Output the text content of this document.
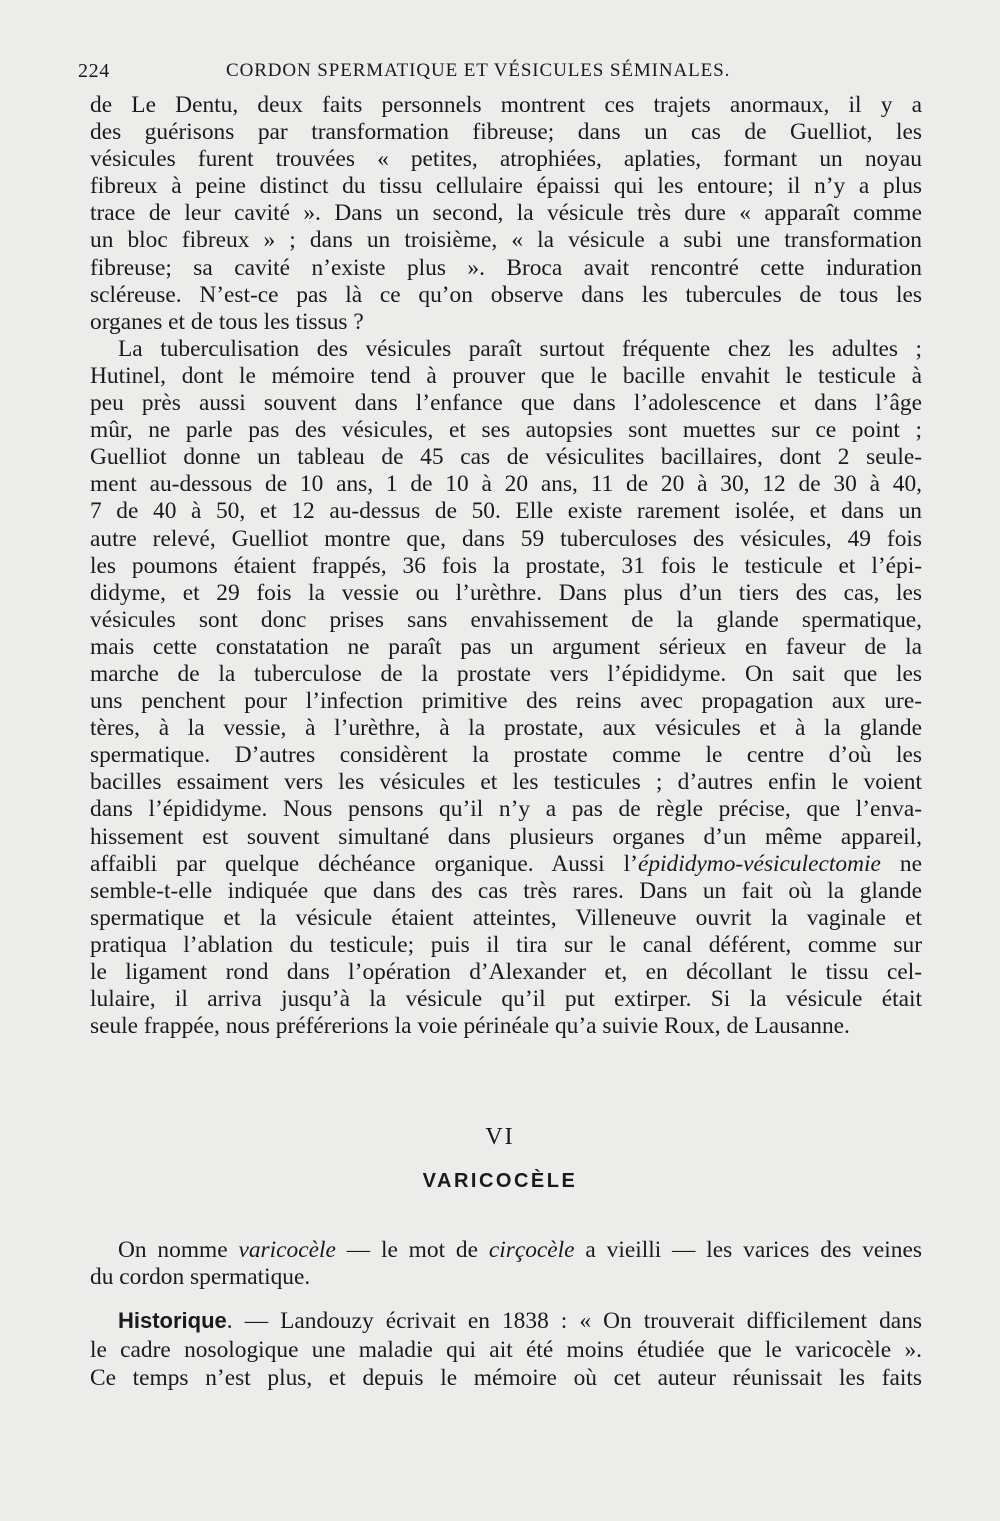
224	CORDON SPERMATIQUE ET VÉSICULES SÉMINALES.

de Le Dentu, deux faits personnels montrent ces trajets anormaux, il y a
des guérisons par transformation fibreuse; dans un cas de Guelliot, les
vésicules furent trouvées « petites, atrophiées, aplaties, formant un noyau
fibreux à peine distinct du tissu cellulaire épaissi qui les entoure; il n’y a plus
trace de leur cavité ». Dans un second, la vésicule très dure « apparaît comme
un bloc fibreux » ; dans un troisième, « la vésicule a subi une transformation
fibreuse; sa cavité n’existe plus ». Broca avait rencontré cette induration
scléreuse. N’est-ce pas là ce qu’on observe dans les tubercules de tous les
organes et de tous les tissus ?

La tuberculisation des vésicules paraît surtout fréquente chez les adultes ;
Hutinel, dont le mémoire tend à prouver que le bacille envahit le testicule à
peu près aussi souvent dans l’enfance que dans l’adolescence et dans l’âge
mûr, ne parle pas des vésicules, et ses autopsies sont muettes sur ce point ;
Guelliot donne un tableau de 45 cas de vésiculites bacillaires, dont 2 seule-
ment au-dessous de 10 ans, 1 de 10 à 20 ans, 11 de 20 à 30, 12 de 30 à 40,
7 de 40 à 50, et 12 au-dessus de 50. Elle existe rarement isolée, et dans un
autre relevé, Guelliot montre que, dans 59 tuberculoses des vésicules, 49 fois
les poumons étaient frappés, 36 fois la prostate, 31 fois le testicule et l’épi-
didyme, et 29 fois la vessie ou l’urèthre. Dans plus d’un tiers des cas, les
vésicules sont donc prises sans envahissement de la glande spermatique,
mais cette constatation ne paraît pas un argument sérieux en faveur de la
marche de la tuberculose de la prostate vers l’épididyme. On sait que les
uns penchent pour l’infection primitive des reins avec propagation aux ure-
tères, à la vessie, à l’urèthre, à la prostate, aux vésicules et à la glande
spermatique. D’autres considèrent la prostate comme le centre d’où les
bacilles essaiment vers les vésicules et les testicules ; d’autres enfin le voient
dans l’épididyme. Nous pensons qu’il n’y a pas de règle précise, que l’enva-
hissement est souvent simultané dans plusieurs organes d’un même appareil,
affaibli par quelque déchéance organique. Aussi l’épididymo-vésiculectomie ne
semble-t-elle indiquée que dans des cas très rares. Dans un fait où la glande
spermatique et la vésicule étaient atteintes, Villeneuve ouvrit la vaginale et
pratiqua l’ablation du testicule; puis il tira sur le canal déférent, comme sur
le ligament rond dans l’opération d’Alexander et, en décollant le tissu cel-
lulaire, il arriva jusqu’à la vésicule qu’il put extirper. Si la vésicule était
seule frappée, nous préférerions la voie périnéale qu’a suivie Roux, de Lausanne.

VI
VARICOCÈLE

On nomme varicocèle — le mot de cirçocèle a vieilli — les varices des veines
du cordon spermatique.

Historique. — Landouzy écrivait en 1838 : « On trouverait difficilement dans
le cadre nosologique une maladie qui ait été moins étudiée que le varicocèle ».
Ce temps n’est plus, et depuis le mémoire où cet auteur réunissait les faits
